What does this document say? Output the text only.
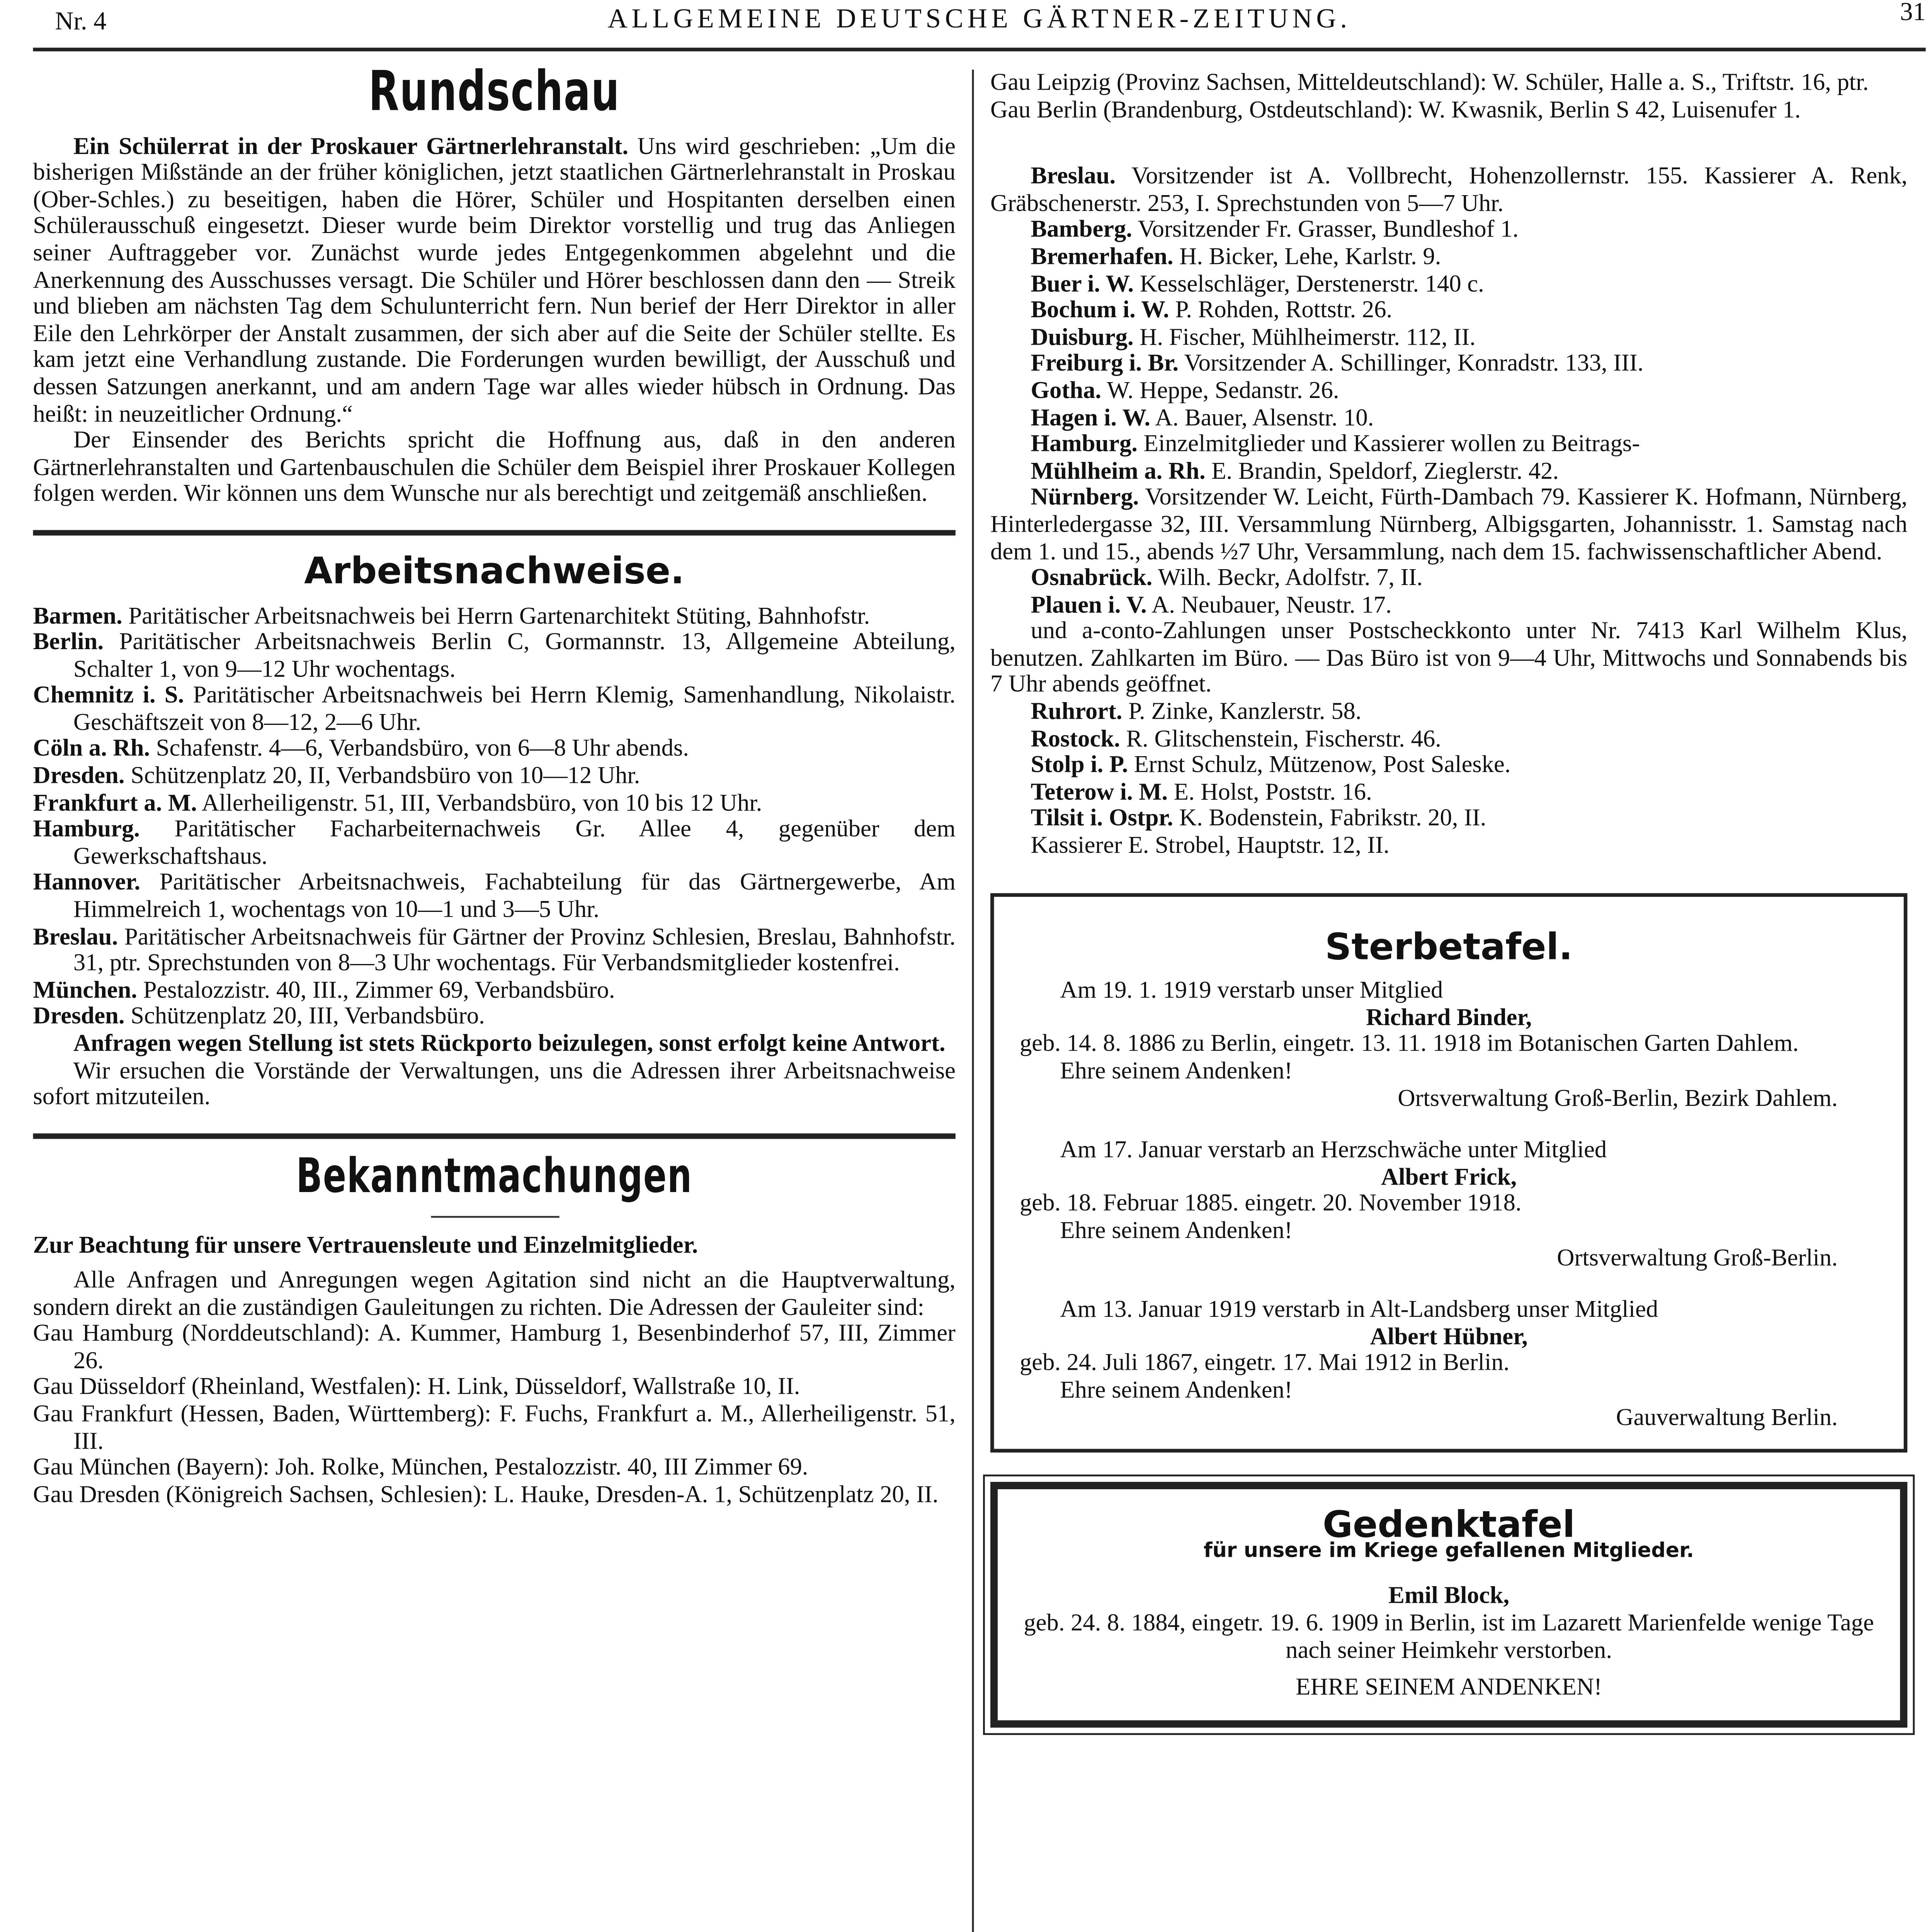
Nr. 4	ALLGEMEINE DEUTSCHE GÄRTNER-ZEITUNG.	31
Rundschau

Ein Schülerrat in der Proskauer Gärtnerlehranstalt. Uns wird geschrieben: „Um die bisherigen Mißstände an der früher königlichen, jetzt staatlichen Gärtnerlehranstalt in Proskau (Ober-Schles.) zu beseitigen, haben die Hörer, Schüler und Hospitanten derselben einen Schülerausschuß eingesetzt. Dieser wurde beim Direktor vorstellig und trug das Anliegen seiner Auftraggeber vor. Zunächst wurde jedes Entgegenkommen abgelehnt und die Anerkennung des Ausschusses versagt. Die Schüler und Hörer beschlossen dann den — Streik und blieben am nächsten Tag dem Schulunterricht fern. Nun berief der Herr Direktor in aller Eile den Lehrkörper der Anstalt zusammen, der sich aber auf die Seite der Schüler stellte. Es kam jetzt eine Verhandlung zustande. Die Forderungen wurden bewilligt, der Ausschuß und dessen Satzungen anerkannt, und am andern Tage war alles wieder hübsch in Ordnung. Das heißt: in neuzeitlicher Ordnung.“

Der Einsender des Berichts spricht die Hoffnung aus, daß in den anderen Gärtnerlehranstalten und Gartenbauschulen die Schüler dem Beispiel ihrer Proskauer Kollegen folgen werden. Wir können uns dem Wunsche nur als berechtigt und zeitgemäß anschließen.

Arbeitsnachweise.

Barmen. Paritätischer Arbeitsnachweis bei Herrn Gartenarchitekt Stüting, Bahnhofstr.

Berlin.	Paritätischer Arbeitsnachweis Berlin C, Gormannstr. 13, Allgemeine Abteilung, Schalter 1, von 9—12 Uhr wochentags.

Chemnitz i. S. Paritätischer Arbeitsnachweis bei Herrn Klemig, Samenhandlung, Nikolaistr. Geschäftszeit von 8—12, 2—6 Uhr.

Cöln a. Rh. Schafenstr. 4—6, Verbandsbüro, von 6—8 Uhr abends.

Dresden. Schützenplatz 20, II, Verbandsbüro von 10—12 Uhr.

Frankfurt a. M. Allerheiligenstr. 51, III, Verbandsbüro, von 10 bis 12 Uhr.

Hamburg.	Paritätischer Facharbeiternachweis Gr. Allee 4, gegenüber dem Gewerkschaftshaus.

Hannover.	Paritätischer Arbeitsnachweis, Fachabteilung für das Gärtnergewerbe, Am Himmelreich 1, wochentags von 10—1 und 3—5 Uhr.

Breslau. Paritätischer Arbeitsnachweis für Gärtner der Provinz Schlesien, Breslau, Bahnhofstr. 31, ptr. Sprechstunden von 8—3 Uhr wochentags. Für Verbandsmitglieder kostenfrei.

München. Pestalozzistr. 40, III., Zimmer 69, Verbandsbüro.

Dresden. Schützenplatz 20, III, Verbandsbüro.

Anfragen wegen Stellung ist stets Rückporto beizulegen, sonst erfolgt keine Antwort.

Wir ersuchen die Vorstände der Verwaltungen, uns die Adressen ihrer Arbeitsnachweise sofort mitzuteilen.

Bekanntmachungen

Zur Beachtung für unsere Vertrauensleute und Einzelmitglieder.

Alle Anfragen und Anregungen wegen Agitation sind nicht an die Hauptverwaltung, sondern direkt an die zuständigen Gauleitungen zu richten. Die Adressen der Gauleiter sind:

Gau Hamburg (Norddeutschland): A. Kummer, Hamburg 1, Besenbinderhof 57, III, Zimmer 26.

Gau Düsseldorf (Rheinland, Westfalen): H. Link, Düsseldorf, Wallstraße 10, II.

Gau Frankfurt (Hessen, Baden, Württemberg): F. Fuchs, Frankfurt a. M., Allerheiligenstr. 51, III.

Gau München (Bayern): Joh. Rolke, München, Pestalozzistr. 40, III Zimmer 69.

Gau Dresden (Königreich Sachsen, Schlesien): L. Hauke, Dresden-A. 1, Schützenplatz 20, II.

Gau Leipzig (Provinz Sachsen, Mitteldeutschland): W. Schüler, Halle a. S., Triftstr. 16, ptr.

Gau Berlin (Brandenburg, Ostdeutschland): W. Kwasnik, Berlin S 42, Luisenufer 1.

Breslau.	Vorsitzender ist A. Vollbrecht, Hohenzollernstr. 155. Kassierer A. Renk, Gräbschenerstr. 253, I. Sprechstunden von 5—7 Uhr.

Bamberg. Vorsitzender Fr. Grasser, Bundleshof 1.

Bremerhafen. H. Bicker, Lehe, Karlstr. 9.

Buer i. W. Kesselschläger, Derstenerstr. 140 c.

Bochum i. W. P. Rohden, Rottstr. 26.

Duisburg. H. Fischer, Mühlheimerstr. 112, II.

Freiburg i. Br. Vorsitzender A. Schillinger, Konradstr. 133, III.

Gotha. W. Heppe, Sedanstr. 26.

Hagen i. W. A. Bauer, Alsenstr. 10.

Hamburg. Einzelmitglieder und Kassierer wollen zu Beitrags-

Mühlheim a. Rh. E. Brandin, Speldorf, Zieglerstr. 42.

Nürnberg. Vorsitzender W. Leicht, Fürth-Dambach 79. Kassierer K. Hofmann, Nürnberg, Hinterledergasse 32, III. Versammlung Nürnberg, Albigsgarten, Johannisstr. 1. Samstag nach dem 1. und 15., abends ½7 Uhr, Versammlung, nach dem 15. fachwissenschaftlicher Abend.

Osnabrück. Wilh. Beckr, Adolfstr. 7, II.

Plauen i. V. A. Neubauer, Neustr. 17.

und a-conto-Zahlungen unser Postscheckkonto unter Nr. 7413 Karl Wilhelm Klus, benutzen. Zahlkarten im Büro. — Das Büro ist von 9—4 Uhr, Mittwochs und Sonnabends bis 7 Uhr abends geöffnet.

Ruhrort. P. Zinke, Kanzlerstr. 58.

Rostock. R. Glitschenstein, Fischerstr. 46.

Stolp i. P. Ernst Schulz, Mützenow, Post Saleske.

Teterow i. M. E. Holst, Poststr. 16.

Tilsit i. Ostpr. K. Bodenstein, Fabrikstr. 20, II.

Kassierer E. Strobel, Hauptstr. 12, II.

Sterbetafel.

Am 19. 1. 1919 verstarb unser Mitglied

Richard Binder,

geb. 14. 8. 1886 zu Berlin, eingetr. 13. 11. 1918 im Botanischen Garten Dahlem.

Ehre seinem Andenken!

Ortsverwaltung Groß-Berlin, Bezirk Dahlem.

Am 17. Januar verstarb an Herzschwäche unter Mitglied

Albert Frick,

geb. 18. Februar 1885. eingetr. 20. November 1918.

Ehre seinem Andenken!

Ortsverwaltung Groß-Berlin.

Am 13. Januar 1919 verstarb in Alt-Landsberg unser Mitglied

Albert Hübner,

geb. 24. Juli 1867, eingetr. 17. Mai 1912 in Berlin.

Ehre seinem Andenken!

Gauverwaltung Berlin.

Gedenktafel

für unsere im Kriege gefallenen Mitglieder.

Emil Block,

geb. 24. 8. 1884, eingetr. 19. 6. 1909 in Berlin, ist im Lazarett Marienfelde wenige Tage nach seiner Heimkehr verstorben.

EHRE SEINEM ANDENKEN!
